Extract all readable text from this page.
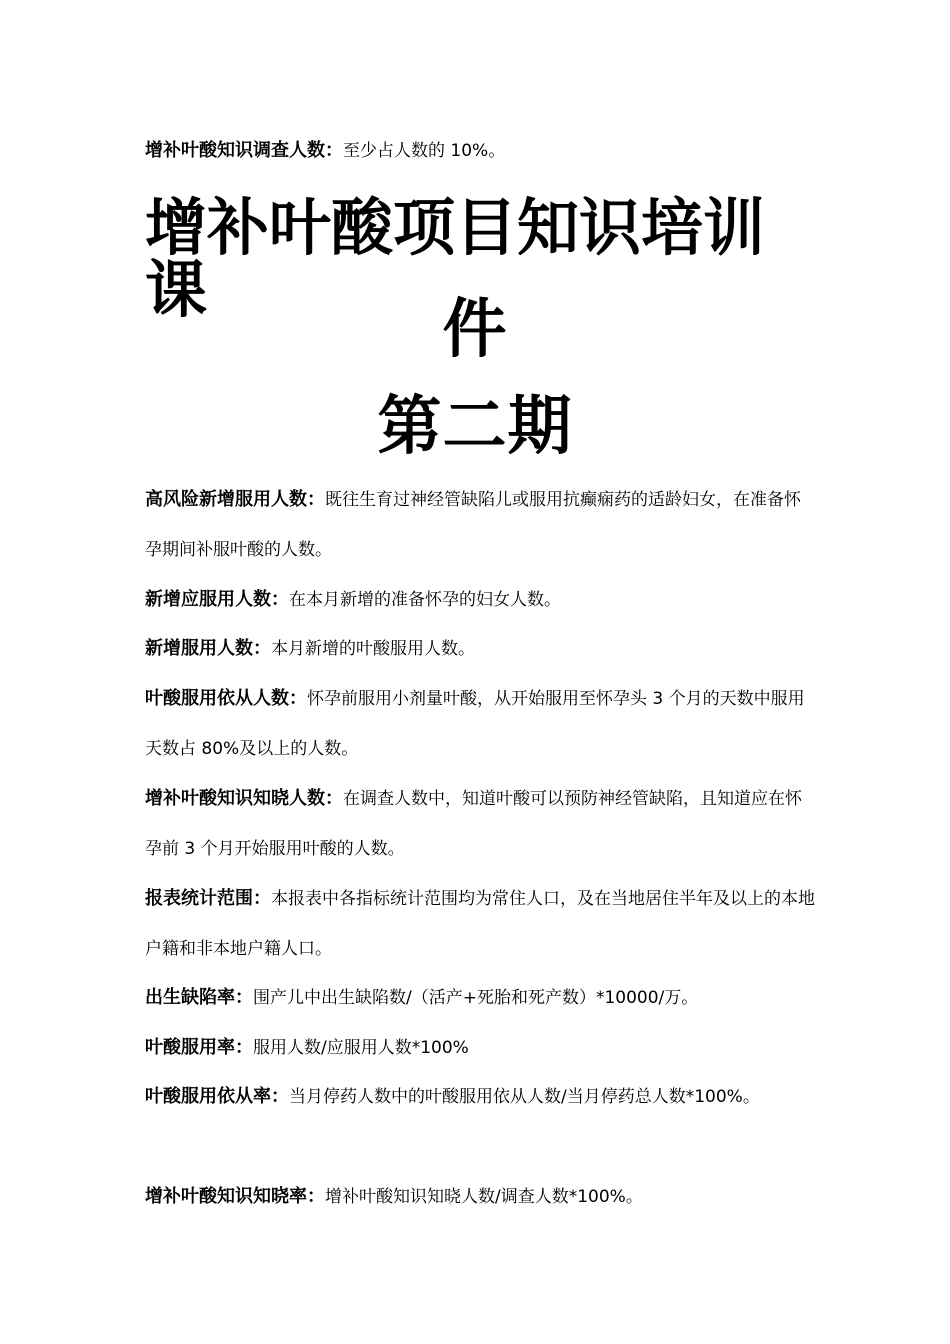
增补叶酸知识调查人数：至少占人数的 10%。
增补叶酸项目知识培训课
件
第二期
高风险新增服用人数：既往生育过神经管缺陷儿或服用抗癫痫药的适龄妇女，在准备怀孕期间补服叶酸的人数。
新增应服用人数：在本月新增的准备怀孕的妇女人数。
新增服用人数：本月新增的叶酸服用人数。
叶酸服用依从人数：怀孕前服用小剂量叶酸，从开始服用至怀孕头 3 个月的天数中服用天数占 80%及以上的人数。
增补叶酸知识知晓人数：在调查人数中，知道叶酸可以预防神经管缺陷，且知道应在怀孕前 3 个月开始服用叶酸的人数。
报表统计范围：本报表中各指标统计范围均为常住人口，及在当地居住半年及以上的本地户籍和非本地户籍人口。
出生缺陷率：围产儿中出生缺陷数/（活产+死胎和死产数）*10000/万。
叶酸服用率：服用人数/应服用人数*100%
叶酸服用依从率：当月停药人数中的叶酸服用依从人数/当月停药总人数*100%。
增补叶酸知识知晓率：增补叶酸知识知晓人数/调查人数*100%。
